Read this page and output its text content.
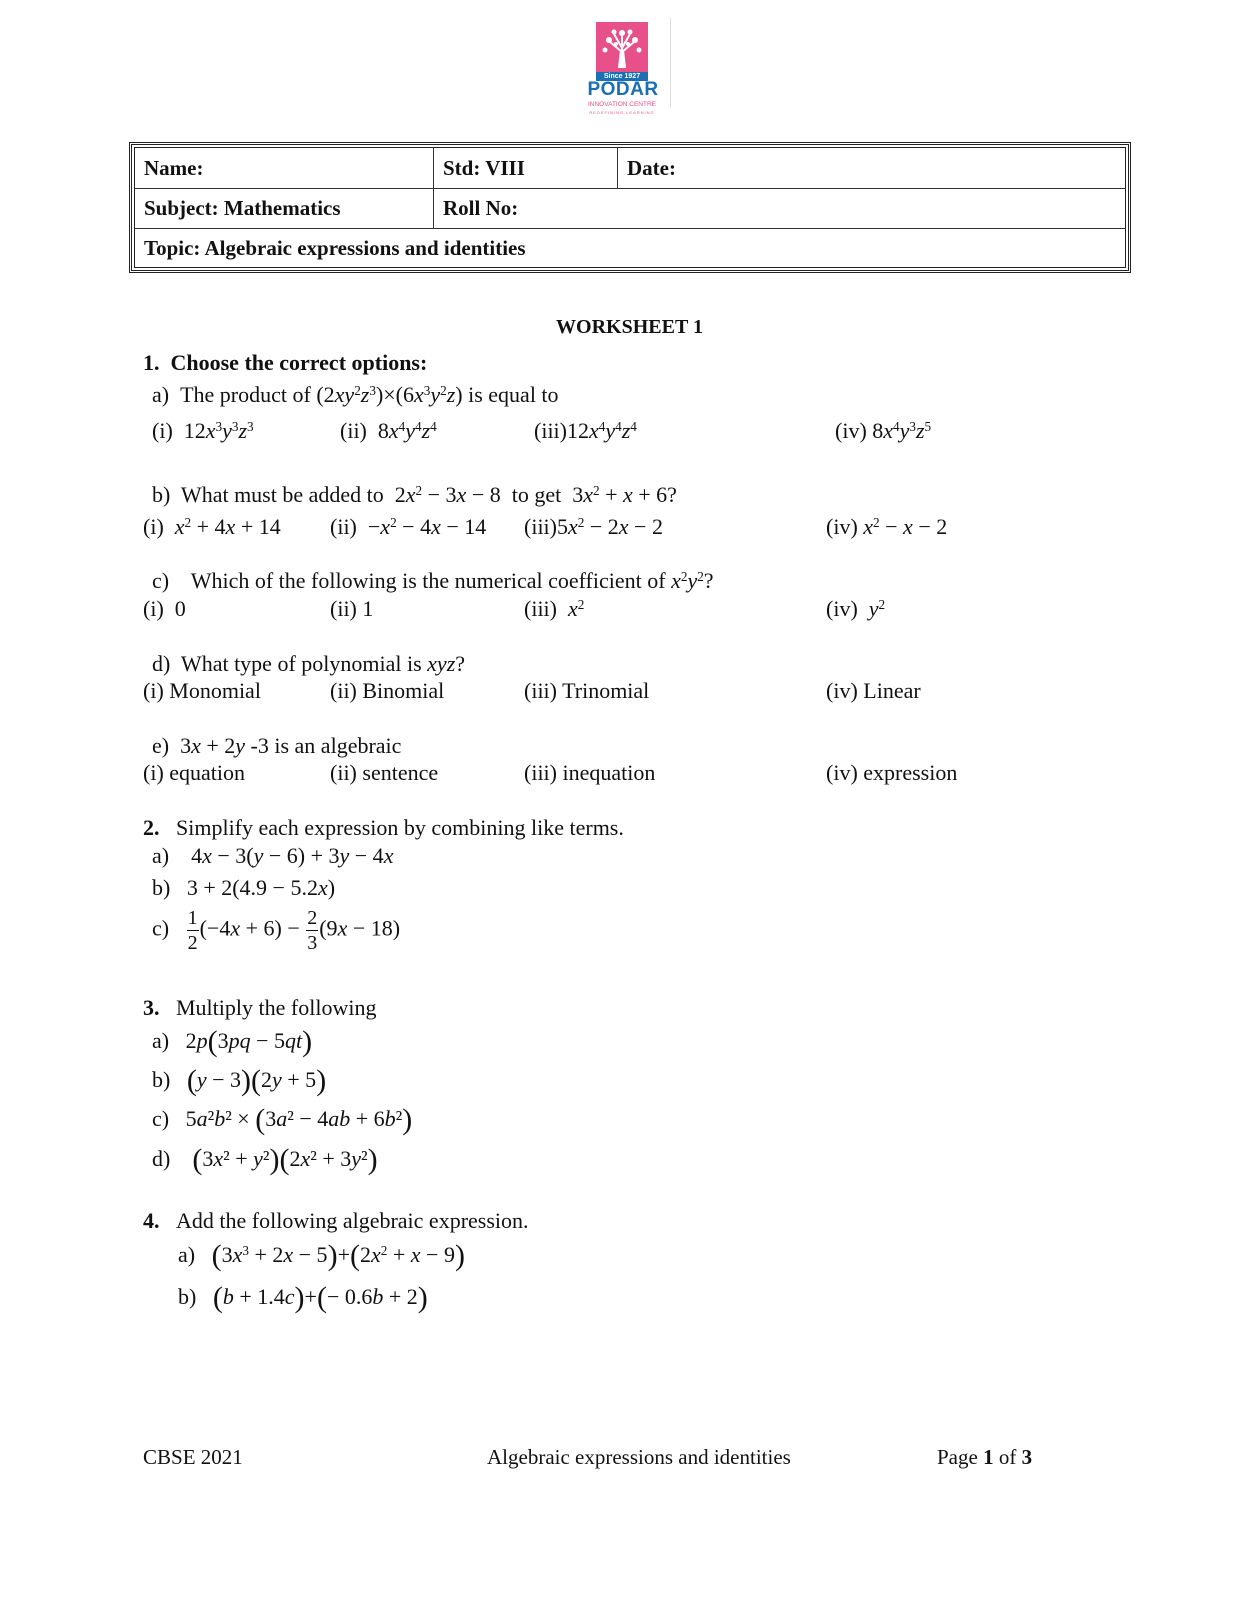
Since 1927
PODAR
INNOVATION CENTRE
REDEFINING LEARNING
Name:	Std: VIII	Date:
Subject: Mathematics	Roll No:
Topic: Algebraic expressions and identities
WORKSHEET 1
1. Choose the correct options:
a) The product of $(2xy^2z^3)\times(6x^3y^2z)$ is equal to
(i)  $12x^3y^3z^3$	(ii)  $8x^4y^4z^4$	$(iii)12x^4y^4z^4$	(iv) $8x^4y^3z^5$
b)  What must be added to  $2x^2 - 3x - 8$  to get  $3x^2 + x + 6$?
(i)  $x^2 + 4x + 14$ $(ii) -x^2 - 4x - 14$ $(iii)5x^2 - 2x - 2$	(iv) $x^2 - x - 2$
c)    Which of the following is the numerical coefficient of $x^2y^2$?
(i)  0	(ii) 1	(iii)  $x^2$	(iv)  $y^2$
d)  What type of polynomial is xyz?
(i) Monomial	(ii) Binomial	(iii) Trinomial	(iv) Linear
e)  3x + 2y -3 is an algebraic
(i) equation	(ii) sentence	(iii) inequation	(iv) expression
2. Simplify each expression by combining like terms.
a)    4x − 3(y − 6) + 3y − 4x
b)   3 + 2(4.9 − 5.2x)
$c) \frac{1}{2} (-4x + 6) - \frac{2}{3} (9x - 18)$
3. Multiply the following
a)   2p(3pq − 5qt)
b) (y − 3)(2y + 5)
c)   5a²b² × (3a² − 4ab + 6b²)
d) (3x² + y²)(2x² + 3y²)
4. Add the following algebraic expression.
a) $(3x^3 + 2x - 5)+(2x^2 + x - 9)$
b) (b + 1.4c)+(− 0.6b + 2)
CBSE 2021	Algebraic expressions and identities	Page 1 of 3
